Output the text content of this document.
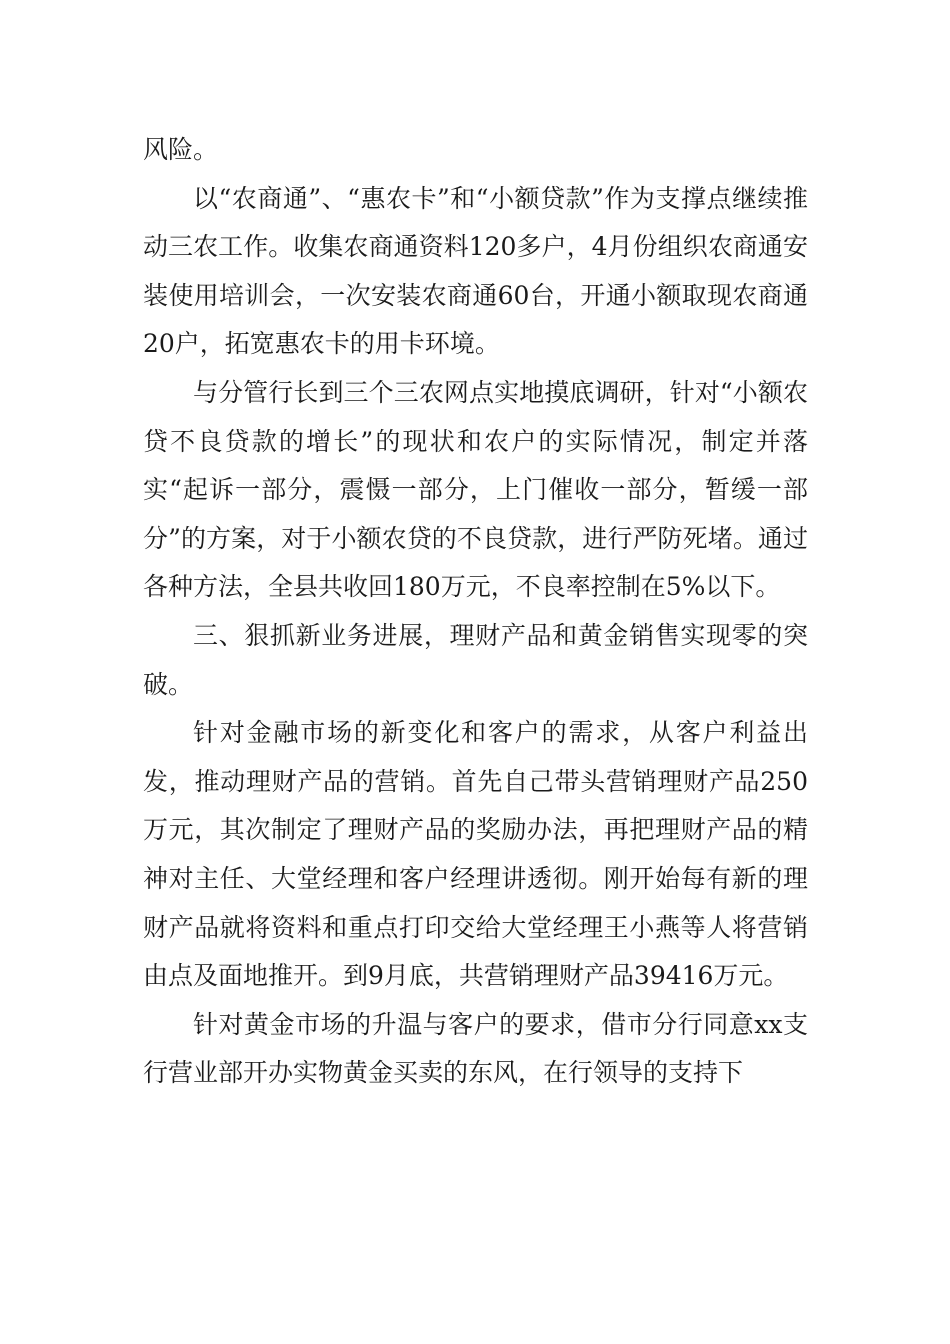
风险。

以“农商通”、“惠农卡”和“小额贷款”作为支撑点继续推动三农工作。收集农商通资料120多户，4月份组织农商通安装使用培训会，一次安装农商通60台，开通小额取现农商通20户，拓宽惠农卡的用卡环境。

与分管行长到三个三农网点实地摸底调研，针对“小额农贷不良贷款的增长”的现状和农户的实际情况，制定并落实“起诉一部分，震慑一部分，上门催收一部分，暂缓一部分”的方案，对于小额农贷的不良贷款，进行严防死堵。通过各种方法，全县共收回180万元，不良率控制在5%以下。

三、狠抓新业务进展，理财产品和黄金销售实现零的突破。

针对金融市场的新变化和客户的需求，从客户利益出发，推动理财产品的营销。首先自己带头营销理财产品250万元，其次制定了理财产品的奖励办法，再把理财产品的精神对主任、大堂经理和客户经理讲透彻。刚开始每有新的理财产品就将资料和重点打印交给大堂经理王小燕等人将营销由点及面地推开。到9月底，共营销理财产品39416万元。

针对黄金市场的升温与客户的要求，借市分行同意xx支行营业部开办实物黄金买卖的东风，在行领导的支持下
